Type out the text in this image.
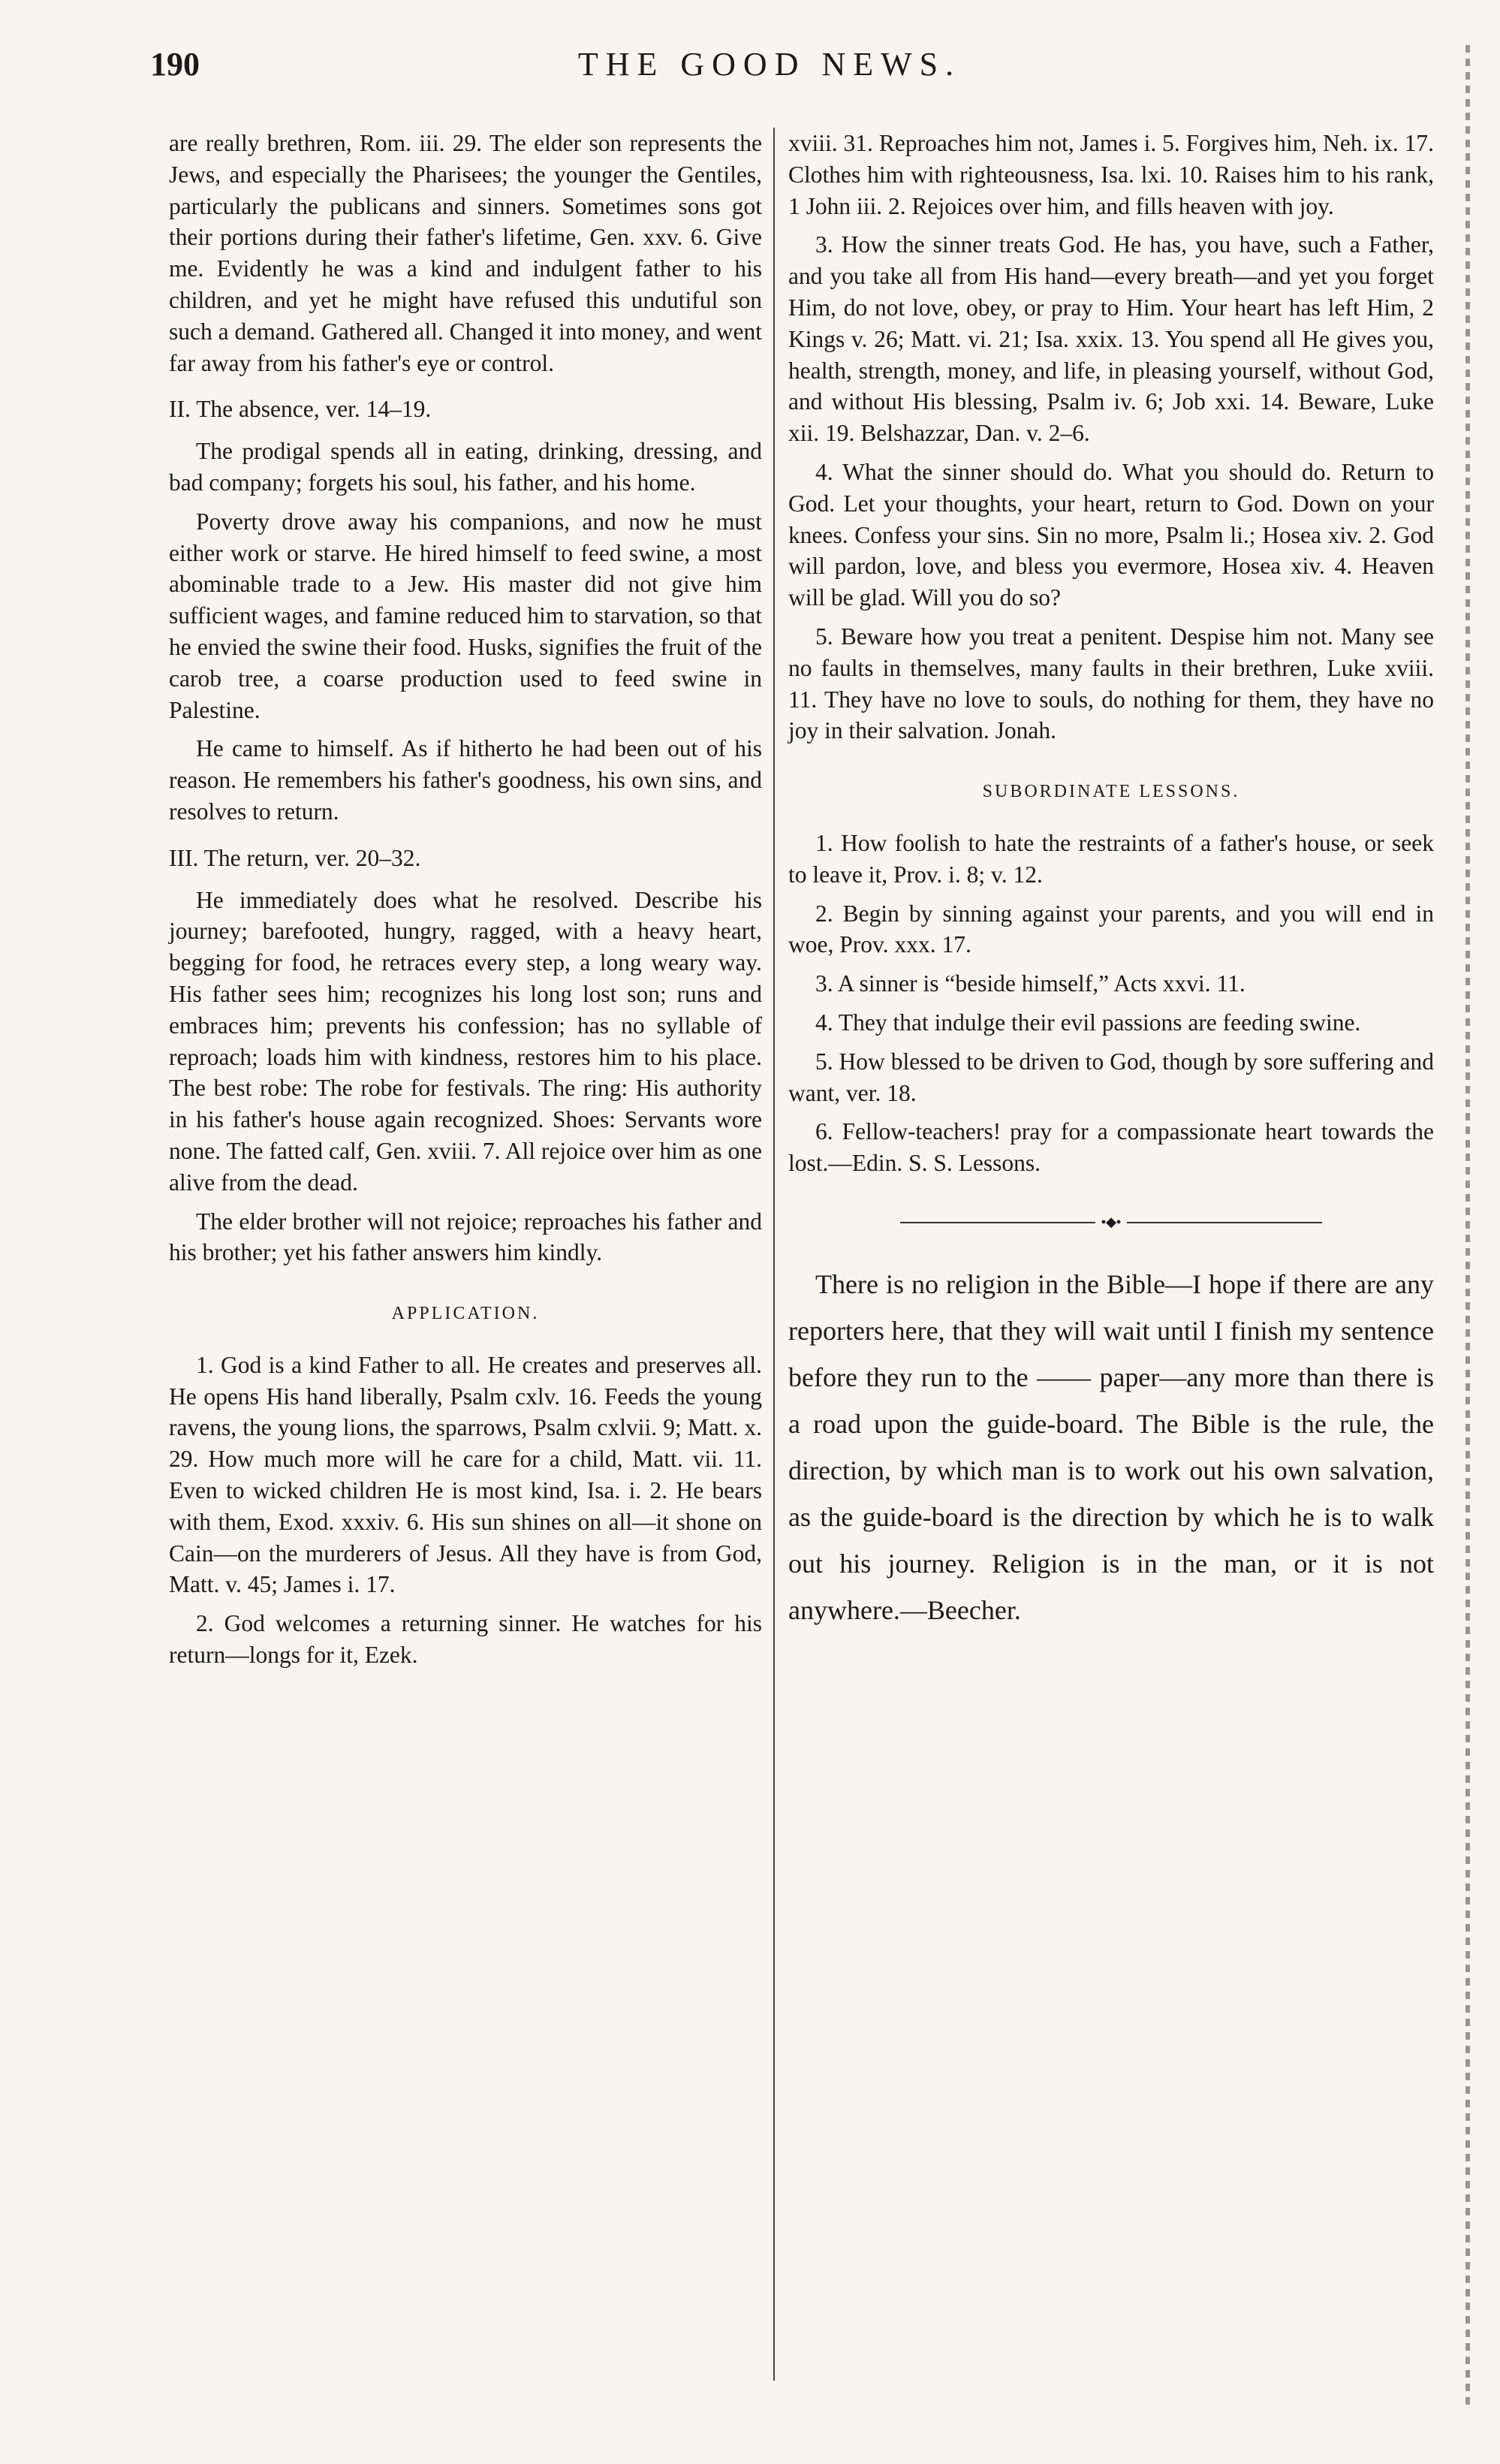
190	THE GOOD NEWS.

are really brethren, Rom. iii. 29. The elder son represents the Jews, and especially the Pharisees; the younger the Gentiles, particularly the publicans and sinners. Sometimes sons got their portions during their father's lifetime, Gen. xxv. 6. Give me. Evidently he was a kind and indulgent father to his children, and yet he might have refused this undutiful son such a demand. Gathered all. Changed it into money, and went far away from his father's eye or control.

II. The absence, ver. 14–19.

The prodigal spends all in eating, drinking, dressing, and bad company; forgets his soul, his father, and his home.

Poverty drove away his companions, and now he must either work or starve. He hired himself to feed swine, a most abominable trade to a Jew. His master did not give him sufficient wages, and famine reduced him to starvation, so that he envied the swine their food. Husks, signifies the fruit of the carob tree, a coarse production used to feed swine in Palestine.

He came to himself. As if hitherto he had been out of his reason. He remembers his father's goodness, his own sins, and resolves to return.

III. The return, ver. 20–32.

He immediately does what he resolved. Describe his journey; barefooted, hungry, ragged, with a heavy heart, begging for food, he retraces every step, a long weary way. His father sees him; recognizes his long lost son; runs and embraces him; prevents his confession; has no syllable of reproach; loads him with kindness, restores him to his place. The best robe: The robe for festivals. The ring: His authority in his father's house again recognized. Shoes: Servants wore none. The fatted calf, Gen. xviii. 7. All rejoice over him as one alive from the dead.

The elder brother will not rejoice; reproaches his father and his brother; yet his father answers him kindly.

APPLICATION.

1. God is a kind Father to all. He creates and preserves all. He opens His hand liberally, Psalm cxlv. 16. Feeds the young ravens, the young lions, the sparrows, Psalm cxlvii. 9; Matt. x. 29. How much more will he care for a child, Matt. vii. 11. Even to wicked children He is most kind, Isa. i. 2. He bears with them, Exod. xxxiv. 6. His sun shines on all—it shone on Cain—on the murderers of Jesus. All they have is from God, Matt. v. 45; James i. 17.

2. God welcomes a returning sinner. He watches for his return—longs for it, Ezek.

xviii. 31. Reproaches him not, James i. 5. Forgives him, Neh. ix. 17. Clothes him with righteousness, Isa. lxi. 10. Raises him to his rank, 1 John iii. 2. Rejoices over him, and fills heaven with joy.

3. How the sinner treats God. He has, you have, such a Father, and you take all from His hand—every breath—and yet you forget Him, do not love, obey, or pray to Him. Your heart has left Him, 2 Kings v. 26; Matt. vi. 21; Isa. xxix. 13. You spend all He gives you, health, strength, money, and life, in pleasing yourself, without God, and without His blessing, Psalm iv. 6; Job xxi. 14. Beware, Luke xii. 19. Belshazzar, Dan. v. 2–6.

4. What the sinner should do. What you should do. Return to God. Let your thoughts, your heart, return to God. Down on your knees. Confess your sins. Sin no more, Psalm li.; Hosea xiv. 2. God will pardon, love, and bless you evermore, Hosea xiv. 4. Heaven will be glad. Will you do so?

5. Beware how you treat a penitent. Despise him not. Many see no faults in themselves, many faults in their brethren, Luke xviii. 11. They have no love to souls, do nothing for them, they have no joy in their salvation. Jonah.

SUBORDINATE LESSONS.

1. How foolish to hate the restraints of a father's house, or seek to leave it, Prov. i. 8; v. 12.

2. Begin by sinning against your parents, and you will end in woe, Prov. xxx. 17.

3. A sinner is “beside himself,” Acts xxvi. 11.

4. They that indulge their evil passions are feeding swine.

5. How blessed to be driven to God, though by sore suffering and want, ver. 18.

6. Fellow-teachers! pray for a compassionate heart towards the lost.—Edin. S. S. Lessons.

•◆•

There is no religion in the Bible—I hope if there are any reporters here, that they will wait until I finish my sentence before they run to the —— paper—any more than there is a road upon the guide-board. The Bible is the rule, the direction, by which man is to work out his own salvation, as the guide-board is the direction by which he is to walk out his journey. Religion is in the man, or it is not anywhere.—Beecher.
